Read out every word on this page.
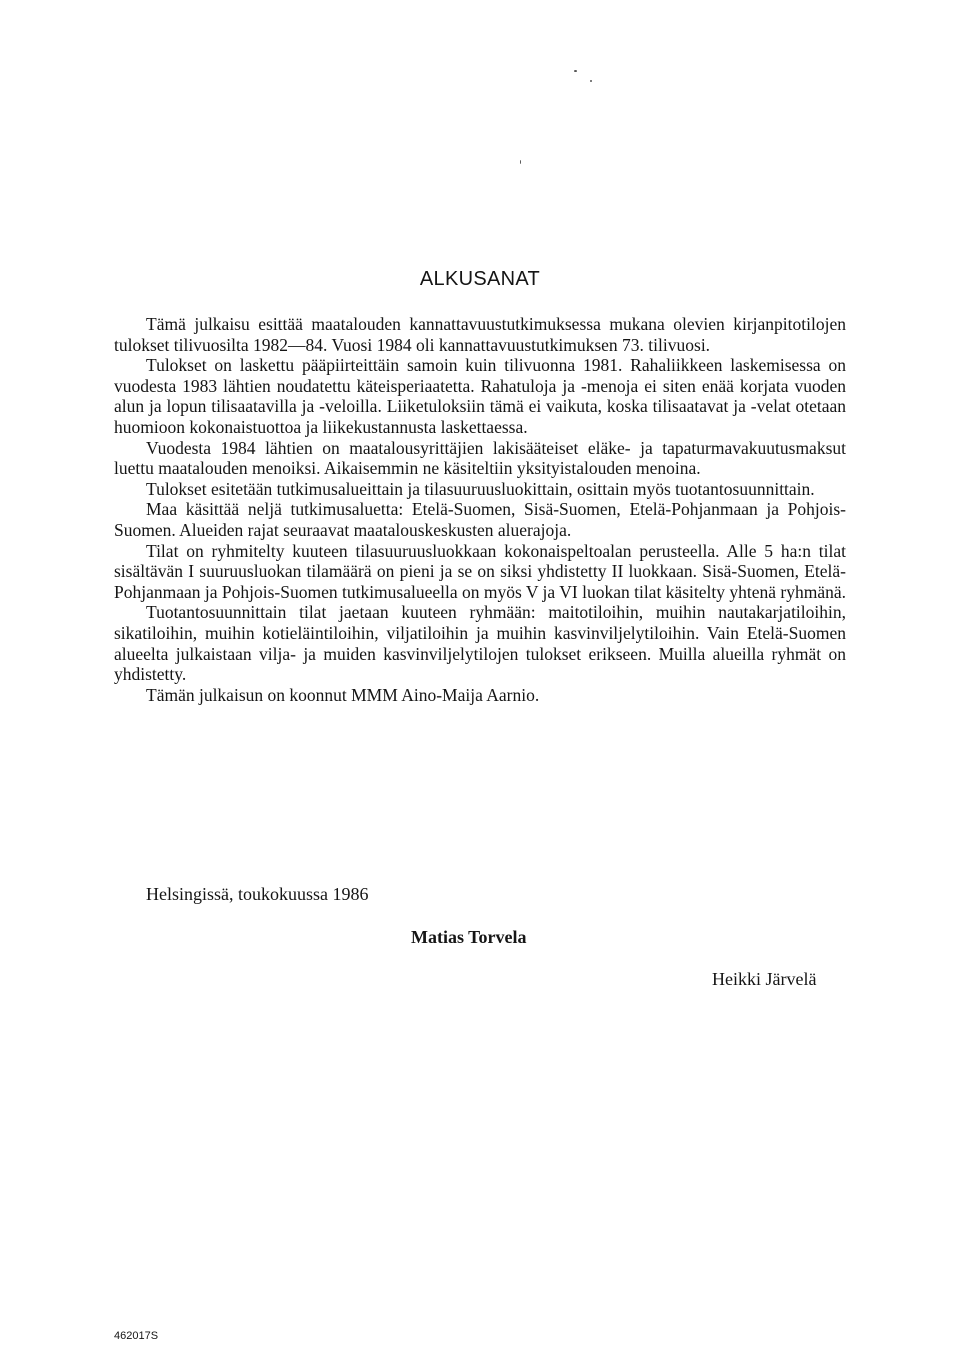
ALKUSANAT

Tämä julkaisu esittää maatalouden kannattavuustutkimuksessa mukana olevien kirjanpitotilojen tulokset tilivuosilta 1982—84. Vuosi 1984 oli kannattavuustutkimuksen 73. tilivuosi.

Tulokset on laskettu pääpiirteittäin samoin kuin tilivuonna 1981. Rahaliikkeen laskemisessa on vuodesta 1983 lähtien noudatettu käteisperiaatetta. Rahatuloja ja -menoja ei siten enää korjata vuoden alun ja lopun tilisaatavilla ja -veloilla. Liiketuloksiin tämä ei vaikuta, koska tilisaatavat ja -velat otetaan huomioon kokonaistuottoa ja liikekustannusta laskettaessa.

Vuodesta 1984 lähtien on maatalousyrittäjien lakisääteiset eläke- ja tapaturmavakuutusmaksut luettu maatalouden menoiksi. Aikaisemmin ne käsiteltiin yksityistalouden menoina.

Tulokset esitetään tutkimusalueittain ja tilasuuruusluokittain, osittain myös tuotantosuunnittain.

Maa käsittää neljä tutkimusaluetta: Etelä-Suomen, Sisä-Suomen, Etelä-Pohjanmaan ja Pohjois-Suomen. Alueiden rajat seuraavat maatalouskeskusten aluerajoja.

Tilat on ryhmitelty kuuteen tilasuuruusluokkaan kokonaispeltoalan perusteella. Alle 5 ha:n tilat sisältävän I suuruusluokan tilamäärä on pieni ja se on siksi yhdistetty II luokkaan. Sisä-Suomen, Etelä-Pohjanmaan ja Pohjois-Suomen tutkimusalueella on myös V ja VI luokan tilat käsitelty yhtenä ryhmänä.

Tuotantosuunnittain tilat jaetaan kuuteen ryhmään: maitotiloihin, muihin nautakarjatiloihin, sikatiloihin, muihin kotieläintiloihin, viljatiloihin ja muihin kasvinviljelytiloihin. Vain Etelä-Suomen alueelta julkaistaan vilja- ja muiden kasvinviljelytilojen tulokset erikseen. Muilla alueilla ryhmät on yhdistetty.

Tämän julkaisun on koonnut MMM Aino-Maija Aarnio.

Helsingissä, toukokuussa 1986
Matias Torvela
Heikki Järvelä
462017S
